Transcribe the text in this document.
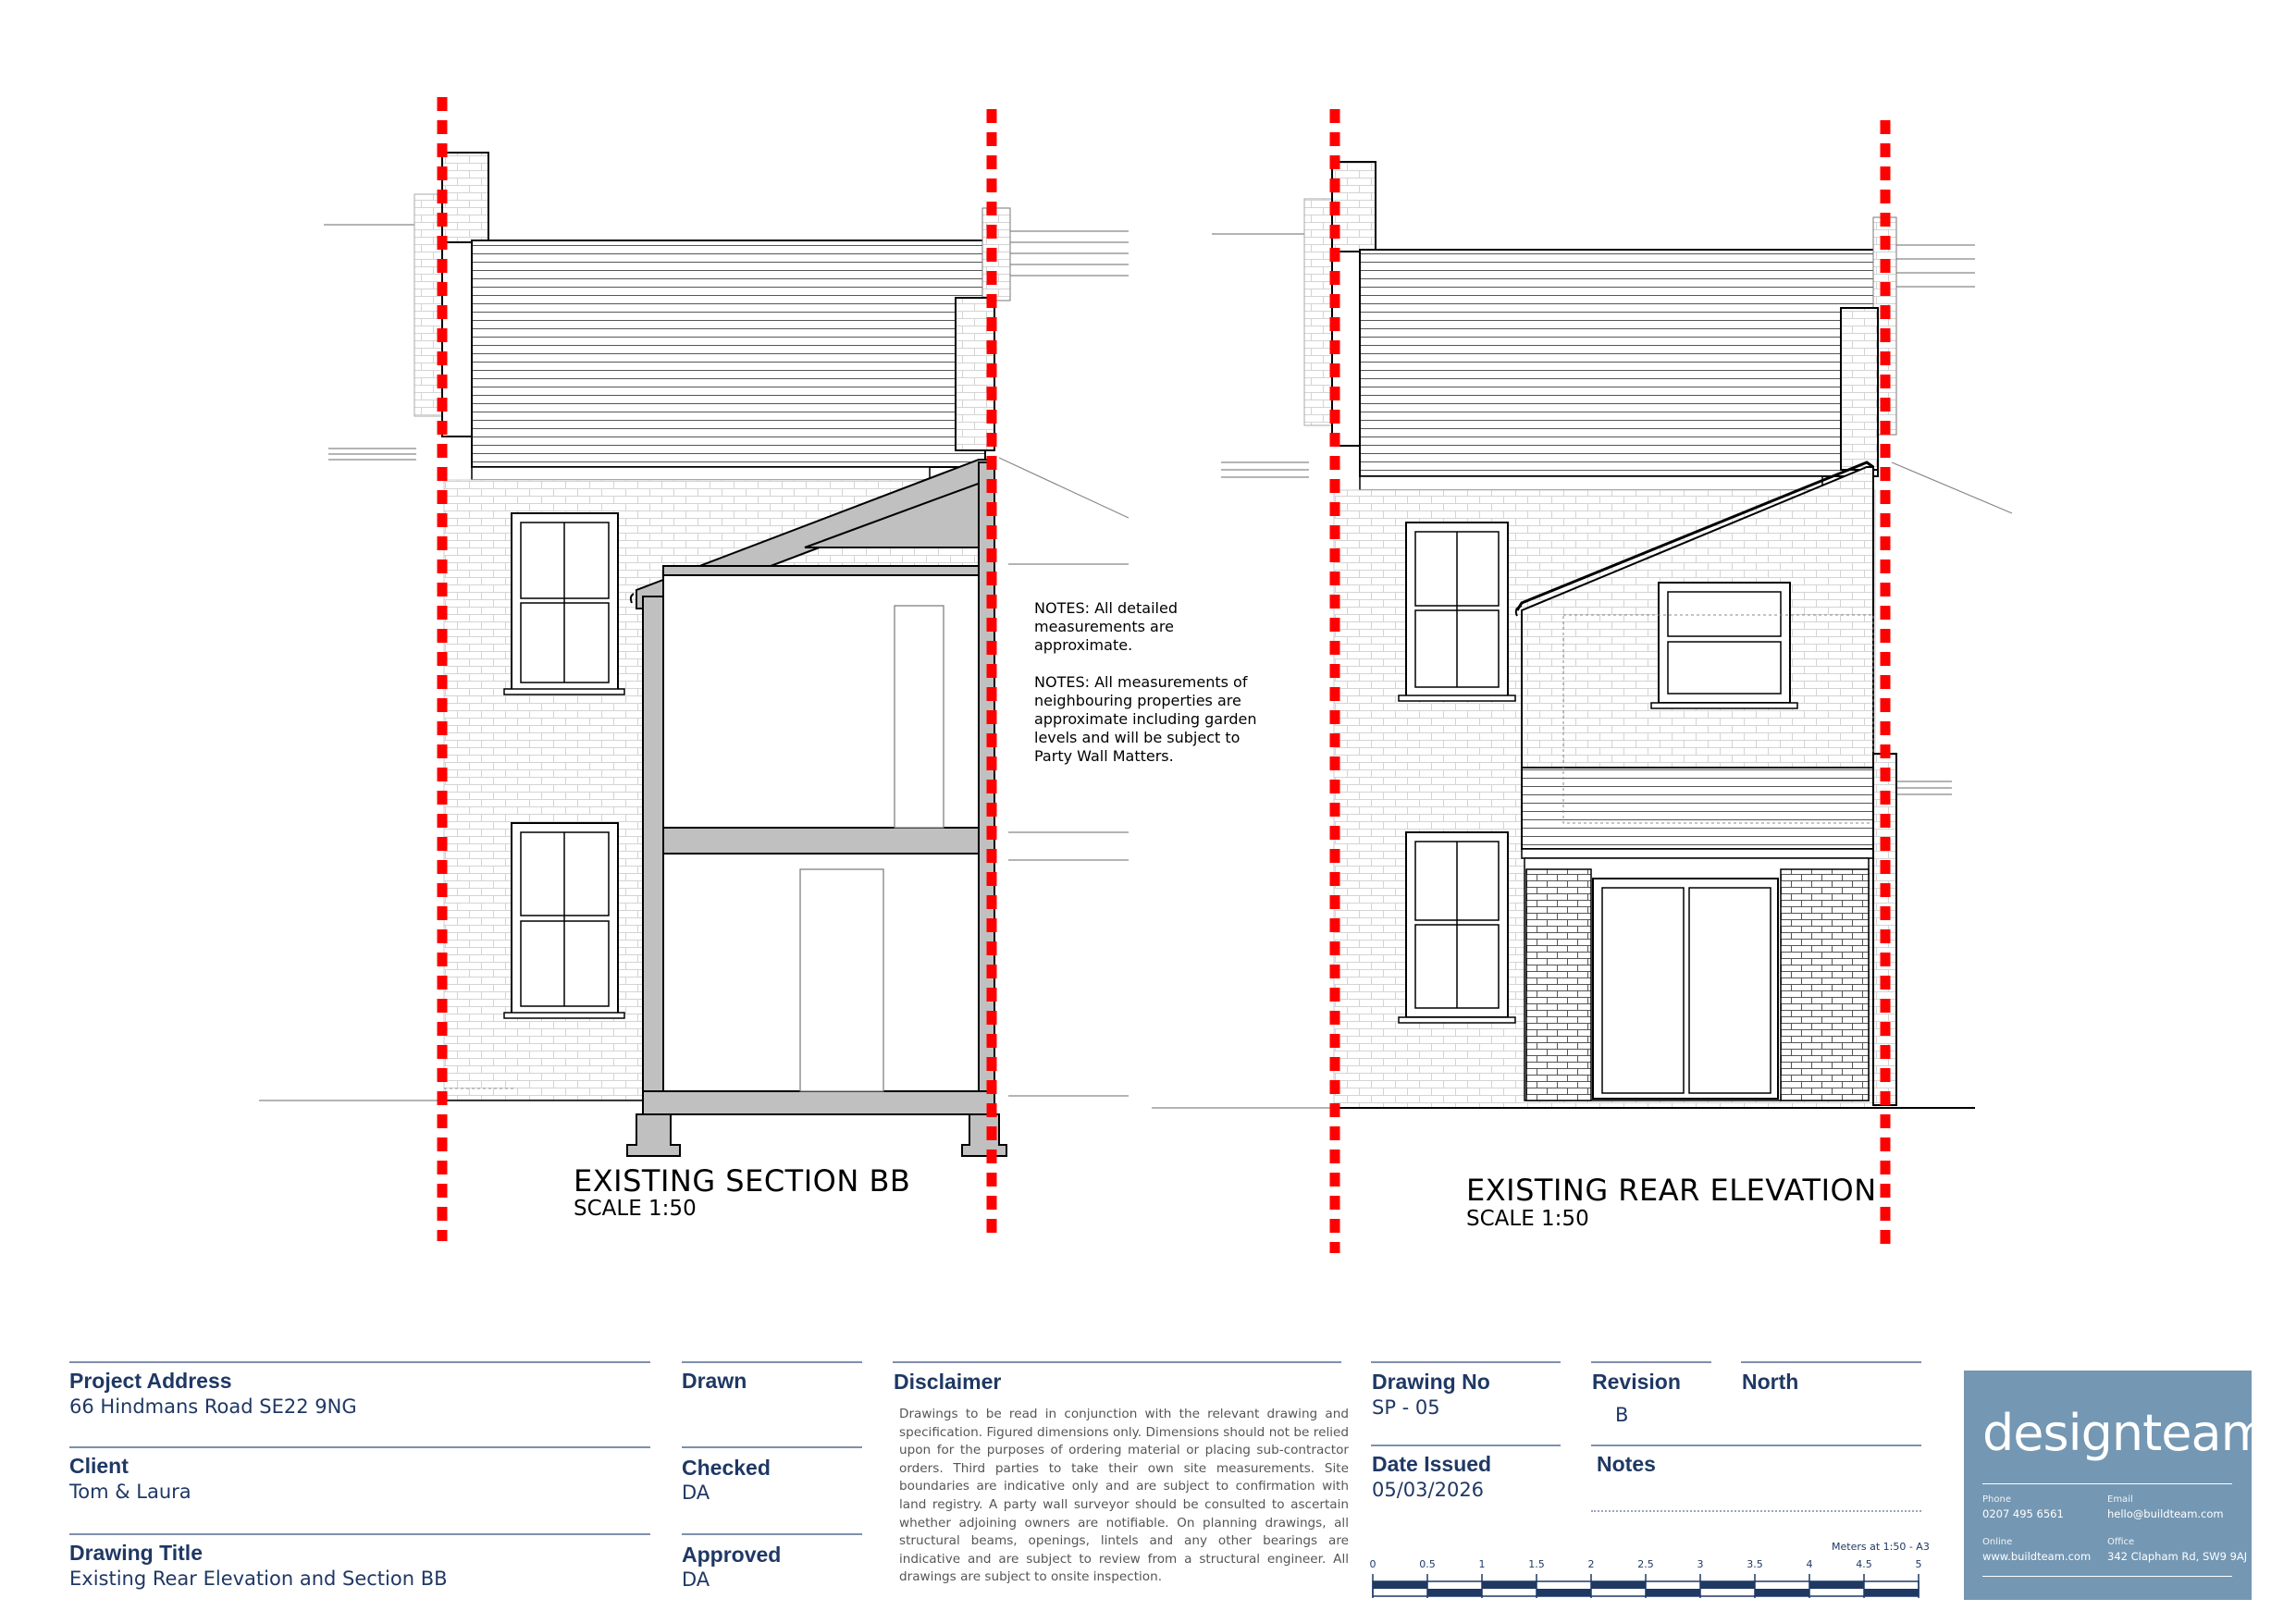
NOTES: All detailed measurements are approximate.

NOTES: All measurements of neighbouring properties are approximate including garden levels and will be subject to Party Wall Matters.

EXISTING SECTION BB
SCALE 1:50
EXISTING REAR ELEVATION
SCALE 1:50
Project Address
66 Hindmans Road SE22 9NG
Client
Tom & Laura
Drawing Title
Existing Rear Elevation and Section BB
Drawn
Checked
DA
Approved
DA
Disclaimer
Drawings to be read in conjunction with the relevant drawing and specification. Figured dimensions only. Dimensions should not be relied upon for the purposes of ordering material or placing sub-contractor orders. Third parties to take their own site measurements. Site boundaries are indicative only and are subject to confirmation with land registry. A party wall surveyor should be consulted to ascertain whether adjoining owners are notifiable. On planning drawings, all structural beams, openings, lintels and any other bearings are indicative and are subject to review from a structural engineer. All drawings are subject to onsite inspection.
Drawing No
SP - 05
Date Issued
05/03/2026
Revision
B
North
Notes
Meters at 1:50 - A3
0	0.5	1	1.5	2	2.5	3	3.5	4	4.5	5
designteam
Phone
0207 495 6561
Email
hello@buildteam.com
Online
www.buildteam.com
Office
342 Clapham Rd, SW9 9AJ
